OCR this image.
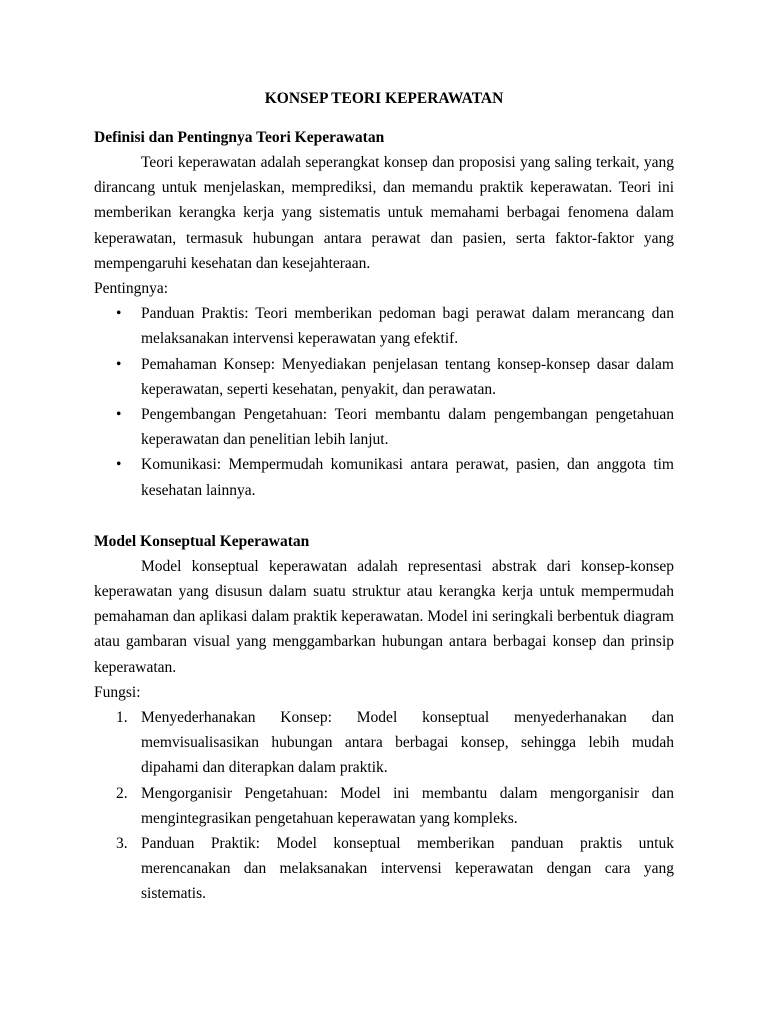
KONSEP TEORI KEPERAWATAN
Definisi dan Pentingnya Teori Keperawatan

Teori keperawatan adalah seperangkat konsep dan proposisi yang saling terkait, yang dirancang untuk menjelaskan, memprediksi, dan memandu praktik keperawatan. Teori ini memberikan kerangka kerja yang sistematis untuk memahami berbagai fenomena dalam keperawatan, termasuk hubungan antara perawat dan pasien, serta faktor-faktor yang mempengaruhi kesehatan dan kesejahteraan.

Pentingnya:

• Panduan Praktis: Teori memberikan pedoman bagi perawat dalam merancang dan melaksanakan intervensi keperawatan yang efektif.
• Pemahaman Konsep: Menyediakan penjelasan tentang konsep-konsep dasar dalam keperawatan, seperti kesehatan, penyakit, dan perawatan.
• Pengembangan Pengetahuan: Teori membantu dalam pengembangan pengetahuan keperawatan dan penelitian lebih lanjut.
• Komunikasi: Mempermudah komunikasi antara perawat, pasien, dan anggota tim kesehatan lainnya.
Model Konseptual Keperawatan

Model konseptual keperawatan adalah representasi abstrak dari konsep-konsep keperawatan yang disusun dalam suatu struktur atau kerangka kerja untuk mempermudah pemahaman dan aplikasi dalam praktik keperawatan. Model ini seringkali berbentuk diagram atau gambaran visual yang menggambarkan hubungan antara berbagai konsep dan prinsip keperawatan.

Fungsi:

1. Menyederhanakan Konsep: Model konseptual menyederhanakan dan memvisualisasikan hubungan antara berbagai konsep, sehingga lebih mudah dipahami dan diterapkan dalam praktik.
2. Mengorganisir Pengetahuan: Model ini membantu dalam mengorganisir dan mengintegrasikan pengetahuan keperawatan yang kompleks.
3. Panduan Praktik: Model konseptual memberikan panduan praktis untuk merencanakan dan melaksanakan intervensi keperawatan dengan cara yang sistematis.
